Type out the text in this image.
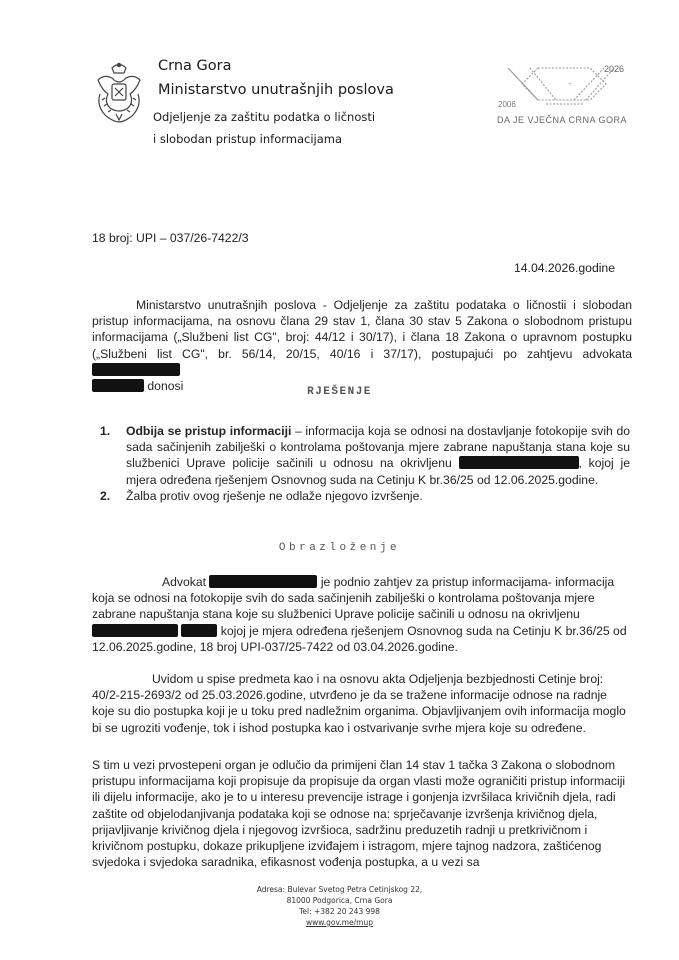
Crna Gora
Ministarstvo unutrašnjih poslova
Odjeljenje za zaštitu podatka o ličnosti
i slobodan pristup informacijama
+
2026
2006
DA JE VJEČNA CRNA GORA
18 broj: UPI – 037/26-7422/3
14.04.2026.godine
Ministarstvo unutrašnjih poslova - Odjeljenje za zaštitu podataka o ličnostii i slobodan pristup informacijama, na osnovu člana 29 stav 1, člana 30 stav 5 Zakona o slobodnom pristupu informacijama („Službeni list CG", broj: 44/12 i 30/17), i člana 18 Zakona o upravnom postupku („Službeni list CG", br. 56/14, 20/15, 40/16 i 37/17), postupajući po zahtjevu advokata
donosi	RJEŠENJE
1. Odbija se pristup informaciji – informacija koja se odnosi na dostavljanje fotokopije svih do sada sačinjenih zabilješki o kontrolama poštovanja mjere zabrane napuštanja stana koje su službenici Uprave policije sačinili u odnosu na okrivljenu	, kojoj je mjera određena rješenjem Osnovnog suda na Cetinju K br.36/25 od 12.06.2025.godine.
2. Žalba protiv ovog rješenje ne odlaže njegovo izvršenje.
Obrazloženje
Advokat	je podnio zahtjev za pristup informacijama- informacija koja se odnosi na fotokopije svih do sada sačinjenih zabilješki o kontrolama poštovanja mjere zabrane napuštanja stana koje su službenici Uprave policije sačinili u odnosu na okrivljenu   kojoj je mjera određena rješenjem Osnovnog suda na Cetinju K br.36/25 od 12.06.2025.godine, 18 broj UPI-037/25-7422 od 03.04.2026.godine.
Uvidom u spise predmeta kao i na osnovu akta Odjeljenja bezbjednosti Cetinje broj: 40/2-215-2693/2 od 25.03.2026.godine, utvrđeno je da se tražene informacije odnose na radnje koje su dio postupka koji je u toku pred nadležnim organima. Objavljivanjem ovih informacija moglo bi se ugroziti vođenje, tok i ishod postupka kao i ostvarivanje svrhe mjera koje su određene.
S tim u vezi prvostepeni organ je odlučio da primijeni član 14 stav 1 tačka 3 Zakona o slobodnom pristupu informacijama koji propisuje da propisuje da organ vlasti može ograničiti pristup informaciji ili dijelu informacije, ako je to u interesu prevencije istrage i gonjenja izvršilaca krivičnih djela, radi zaštite od objelodanjivanja podataka koji se odnose na: sprječavanje izvršenja krivičnog djela, prijavljivanje krivičnog djela i njegovog izvršioca, sadržinu preduzetih radnji u pretkrivičnom i krivičnom postupku, dokaze prikupljene izviđajem i istragom, mjere tajnog nadzora, zaštićenog svjedoka i svjedoka saradnika, efikasnost vođenja postupka, a u vezi sa
Adresa: Bulevar Svetog Petra Cetinjskog 22,
81000 Podgorica, Crna Gora
Tel: +382 20 243 998
www.gov.me/mup
